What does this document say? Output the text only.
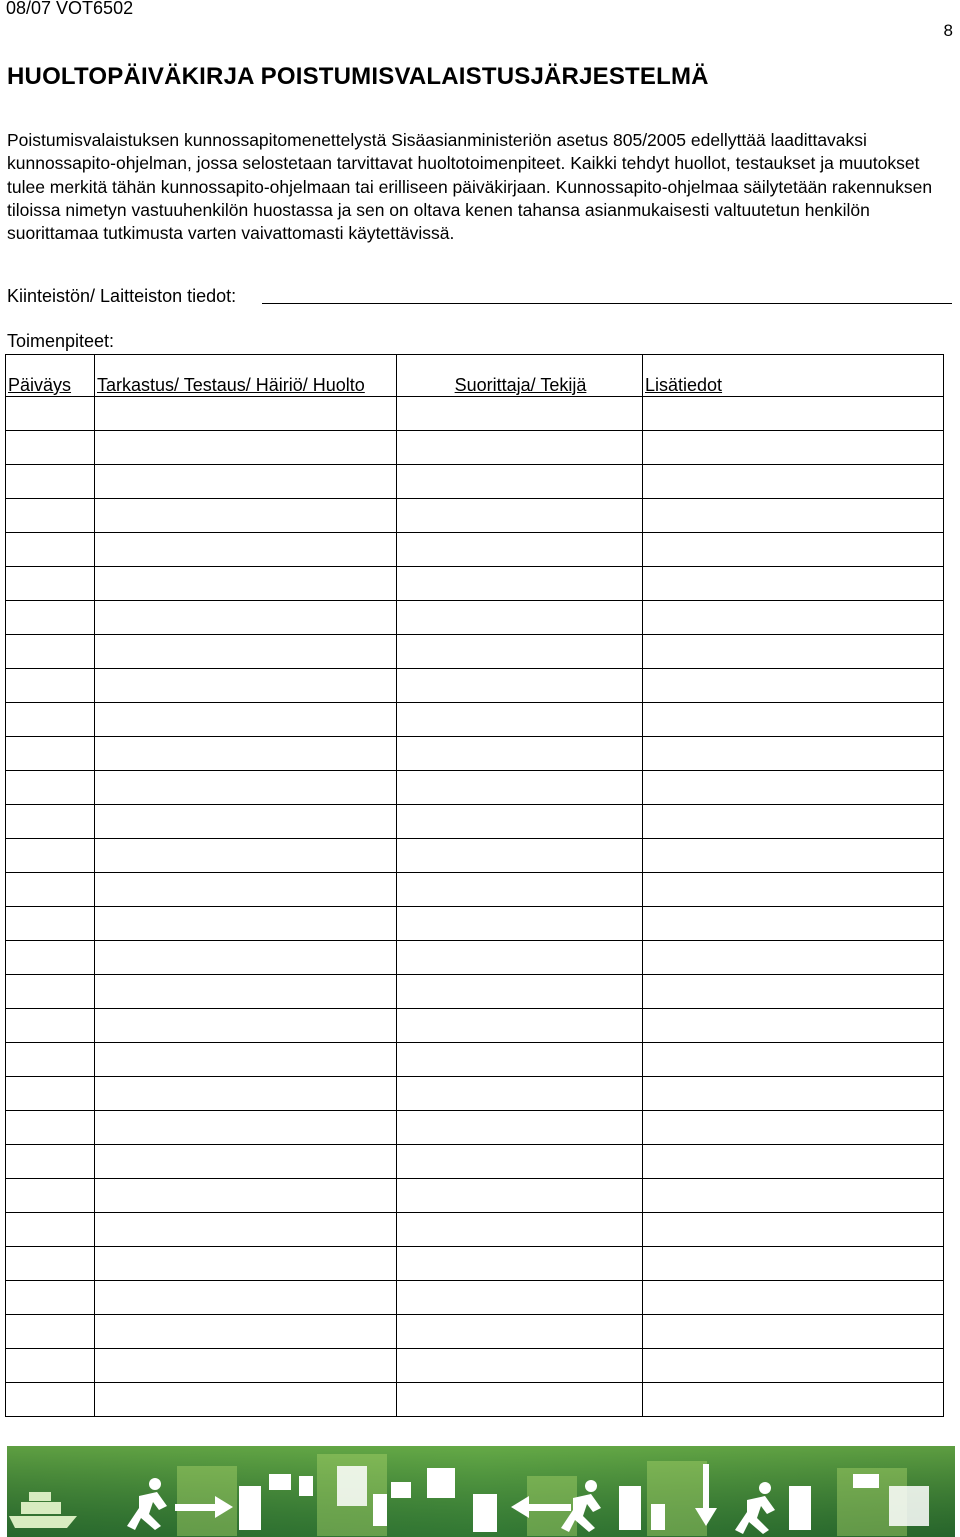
08/07 VOT6502
8
HUOLTOPÄIVÄKIRJA POISTUMISVALAISTUSJÄRJESTELMÄ

Poistumisvalaistuksen kunnossapitomenettelystä Sisäasianministeriön asetus 805/2005 edellyttää laadittavaksi kunnossapito-ohjelman, jossa selostetaan tarvittavat huoltotoimenpiteet. Kaikki tehdyt huollot, testaukset ja muutokset tulee merkitä tähän kunnossapito-ohjelmaan tai erilliseen päiväkirjaan. Kunnossapito-ohjelmaa säilytetään rakennuksen tiloissa nimetyn vastuuhenkilön huostassa ja sen on oltava kenen tahansa asianmukaisesti valtuutetun henkilön suorittamaa tutkimusta varten vaivattomasti käytettävissä.

Kiinteistön/ Laitteiston tiedot:
Toimenpiteet:
Päiväys	Tarkastus/ Testaus/ Häiriö/ Huolto	Suorittaja/ Tekijä	Lisätiedot
